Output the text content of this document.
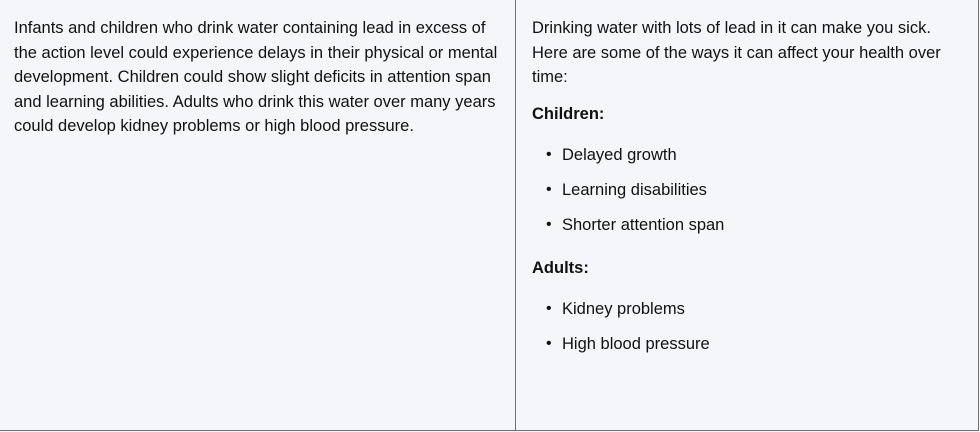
Infants and children who drink water containing lead in excess of the action level could experience delays in their physical or mental development. Children could show slight deficits in attention span and learning abilities. Adults who drink this water over many years could develop kidney problems or high blood pressure.

Drinking water with lots of lead in it can make you sick. Here are some of the ways it can affect your health over time:

Children:

• Delayed growth
• Learning disabilities
• Shorter attention span

Adults:

• Kidney problems
• High blood pressure
